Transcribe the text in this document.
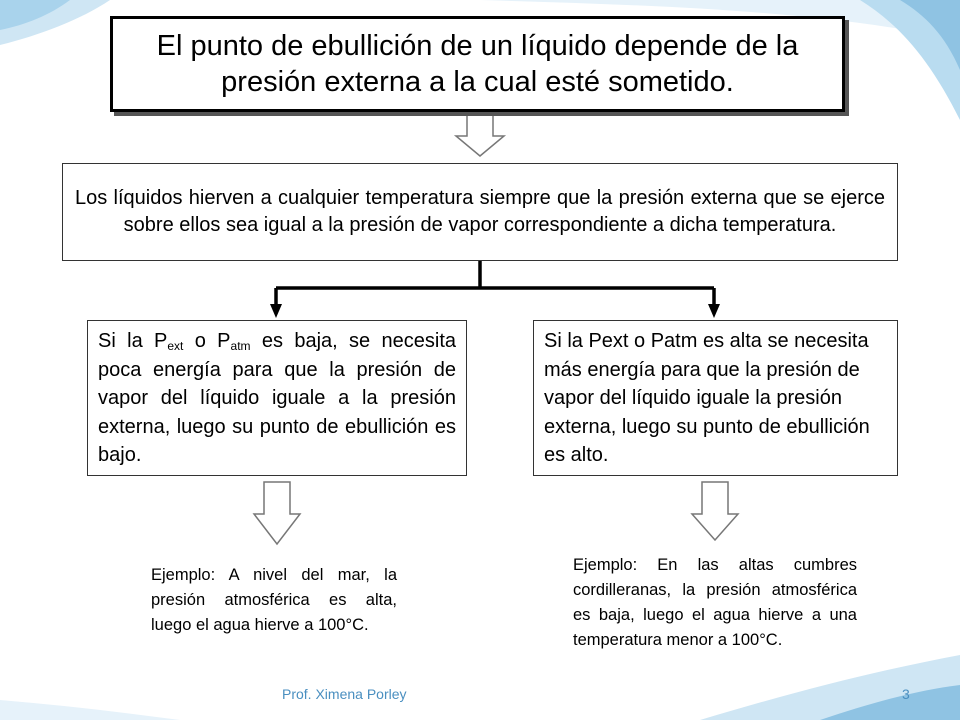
El punto de ebullición de un líquido depende de la presión externa a la cual esté sometido.
Los líquidos hierven a cualquier temperatura siempre que la presión externa que se ejerce sobre ellos sea igual a la presión de vapor correspondiente a dicha temperatura.
Si la $P_{ext}$ o $P_{atm}$ es baja, se necesita poca energía para que la presión de vapor del líquido iguale a la presión externa, luego su punto de ebullición es bajo.
Si la Pext o Patm es alta se necesita más energía para que la presión de vapor del líquido iguale la presión externa, luego su punto de ebullición es alto.
Ejemplo: A nivel del mar, la presión atmosférica es alta, luego el agua hierve a 100°C.
Ejemplo: En las altas cumbres cordilleranas, la presión atmosférica es baja, luego el agua hierve a una temperatura menor a 100°C.
Prof. Ximena Porley	3
